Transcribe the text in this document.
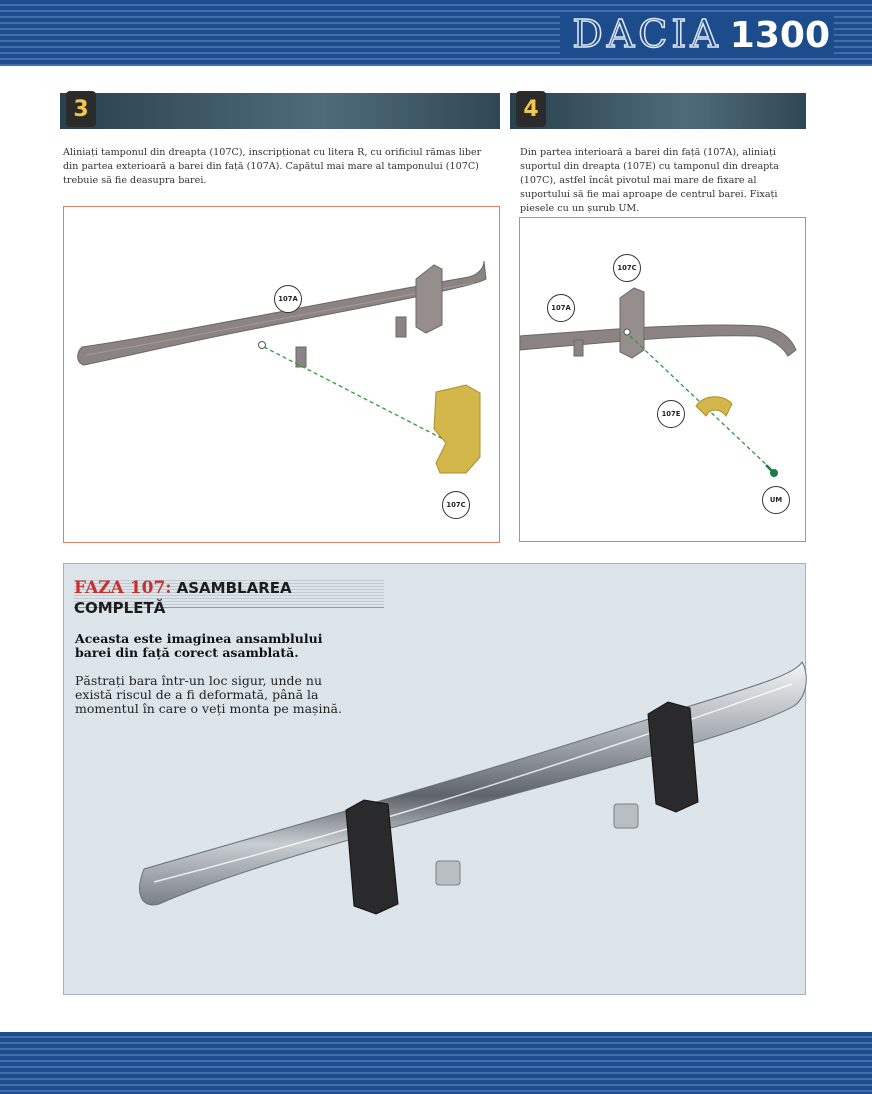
DACIA 1300
3

Aliniați tamponul din dreapta (107C), inscripționat cu litera R, cu orificiul rămas liber din partea exterioară a barei din față (107A). Capătul mai mare al tamponului (107C) trebuie să fie deasupra barei.

107A
107C
4

Din partea interioară a barei din față (107A), aliniați suportul din dreapta (107E) cu tamponul din dreapta (107C), astfel încât pivotul mai mare de fixare al suportului să fie mai aproape de centrul barei. Fixați piesele cu un șurub UM.

107C
107A
107E
UM
FAZA 107: ASAMBLAREA COMPLETĂ

Aceasta este imaginea ansamblului barei din față corect asamblată.

Păstrați bara într-un loc sigur, unde nu există riscul de a fi deformată, până la momentul în care o veți monta pe mașină.
